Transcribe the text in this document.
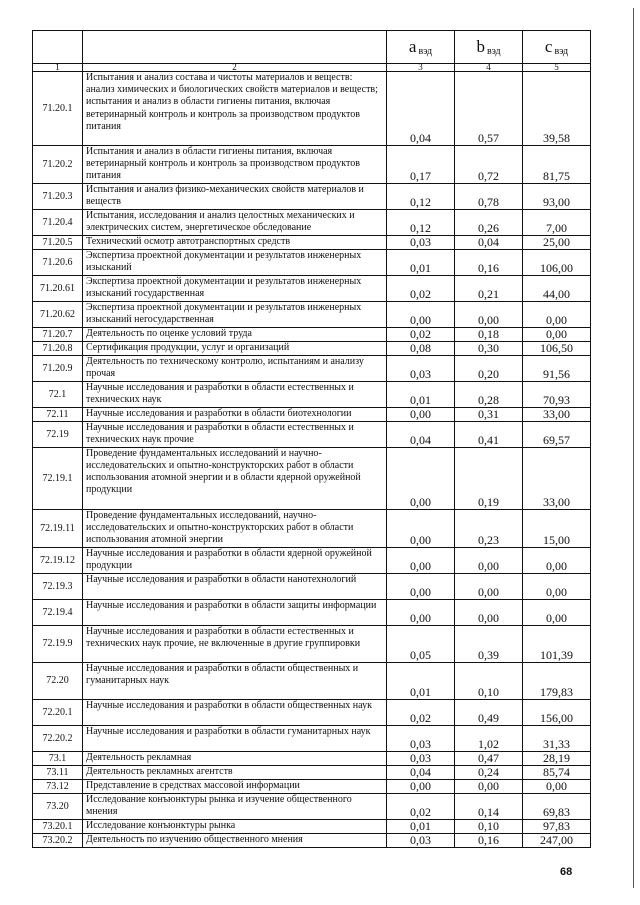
		a $_{вэд}$	b $_{вэд}$	c $_{вэд}$
1	2	3	4	5
71.20.1	Испытания и анализ состава и чистоты материалов и веществ: анализ химических и биологических свойств материалов и веществ; испытания и анализ в области гигиены питания, включая ветеринарный контроль и контроль за производством продуктов питания	0,04	0,57	39,58
71.20.2	Испытания и анализ в области гигиены питания, включая ветеринарный контроль и контроль за производством продуктов питания	0,17	0,72	81,75
71.20.3	Испытания и анализ физико-механических свойств материалов и веществ	0,12	0,78	93,00
71.20.4	Испытания, исследования и анализ целостных механических и электрических систем, энергетическое обследование	0,12	0,26	7,00
71.20.5	Технический осмотр автотранспортных средств	0,03	0,04	25,00
71.20.6	Экспертиза проектной документации и результатов инженерных изысканий	0,01	0,16	106,00
71.20.61	Экспертиза проектной документации и результатов инженерных изысканий государственная	0,02	0,21	44,00
71.20.62	Экспертиза проектной документации и результатов инженерных изысканий негосударственная	0,00	0,00	0,00
71.20.7	Деятельность по оценке условий труда	0,02	0,18	0,00
71.20.8	Сертификация продукции, услуг и организаций	0,08	0,30	106,50
71.20.9	Деятельность по техническому контролю, испытаниям и анализу прочая	0,03	0,20	91,56
72.1	Научные исследования и разработки в области естественных и технических наук	0,01	0,28	70,93
72.11	Научные исследования и разработки в области биотехнологии	0,00	0,31	33,00
72.19	Научные исследования и разработки в области естественных и технических наук прочие	0,04	0,41	69,57
72.19.1	Проведение фундаментальных исследований и научно-исследовательских и опытно-конструкторских работ в области использования атомной энергии и в области ядерной оружейной продукции	0,00	0,19	33,00
72.19.11	Проведение фундаментальных исследований, научно-исследовательских и опытно-конструкторских работ в области использования атомной энергии	0,00	0,23	15,00
72.19.12	Научные исследования и разработки в области ядерной оружейной продукции	0,00	0,00	0,00
72.19.3	Научные исследования и разработки в области нанотехнологий	0,00	0,00	0,00
72.19.4	Научные исследования и разработки в области защиты информации	0,00	0,00	0,00
72.19.9	Научные исследования и разработки в области естественных и технических наук прочие, не включенные в другие группировки	0,05	0,39	101,39
72.20	Научные исследования и разработки в области общественных и гуманитарных наук	0,01	0,10	179,83
72.20.1	Научные исследования и разработки в области общественных наук	0,02	0,49	156,00
72.20.2	Научные исследования и разработки в области гуманитарных наук	0,03	1,02	31,33
73.1	Деятельность рекламная	0,03	0,47	28,19
73.11	Деятельность рекламных агентств	0,04	0,24	85,74
73.12	Представление в средствах массовой информации	0,00	0,00	0,00
73.20	Исследование конъюнктуры рынка и изучение общественного мнения	0,02	0,14	69,83
73.20.1	Исследование конъюнктуры рынка	0,01	0,10	97,83
73.20.2	Деятельность по изучению общественного мнения	0,03	0,16	247,00
68
